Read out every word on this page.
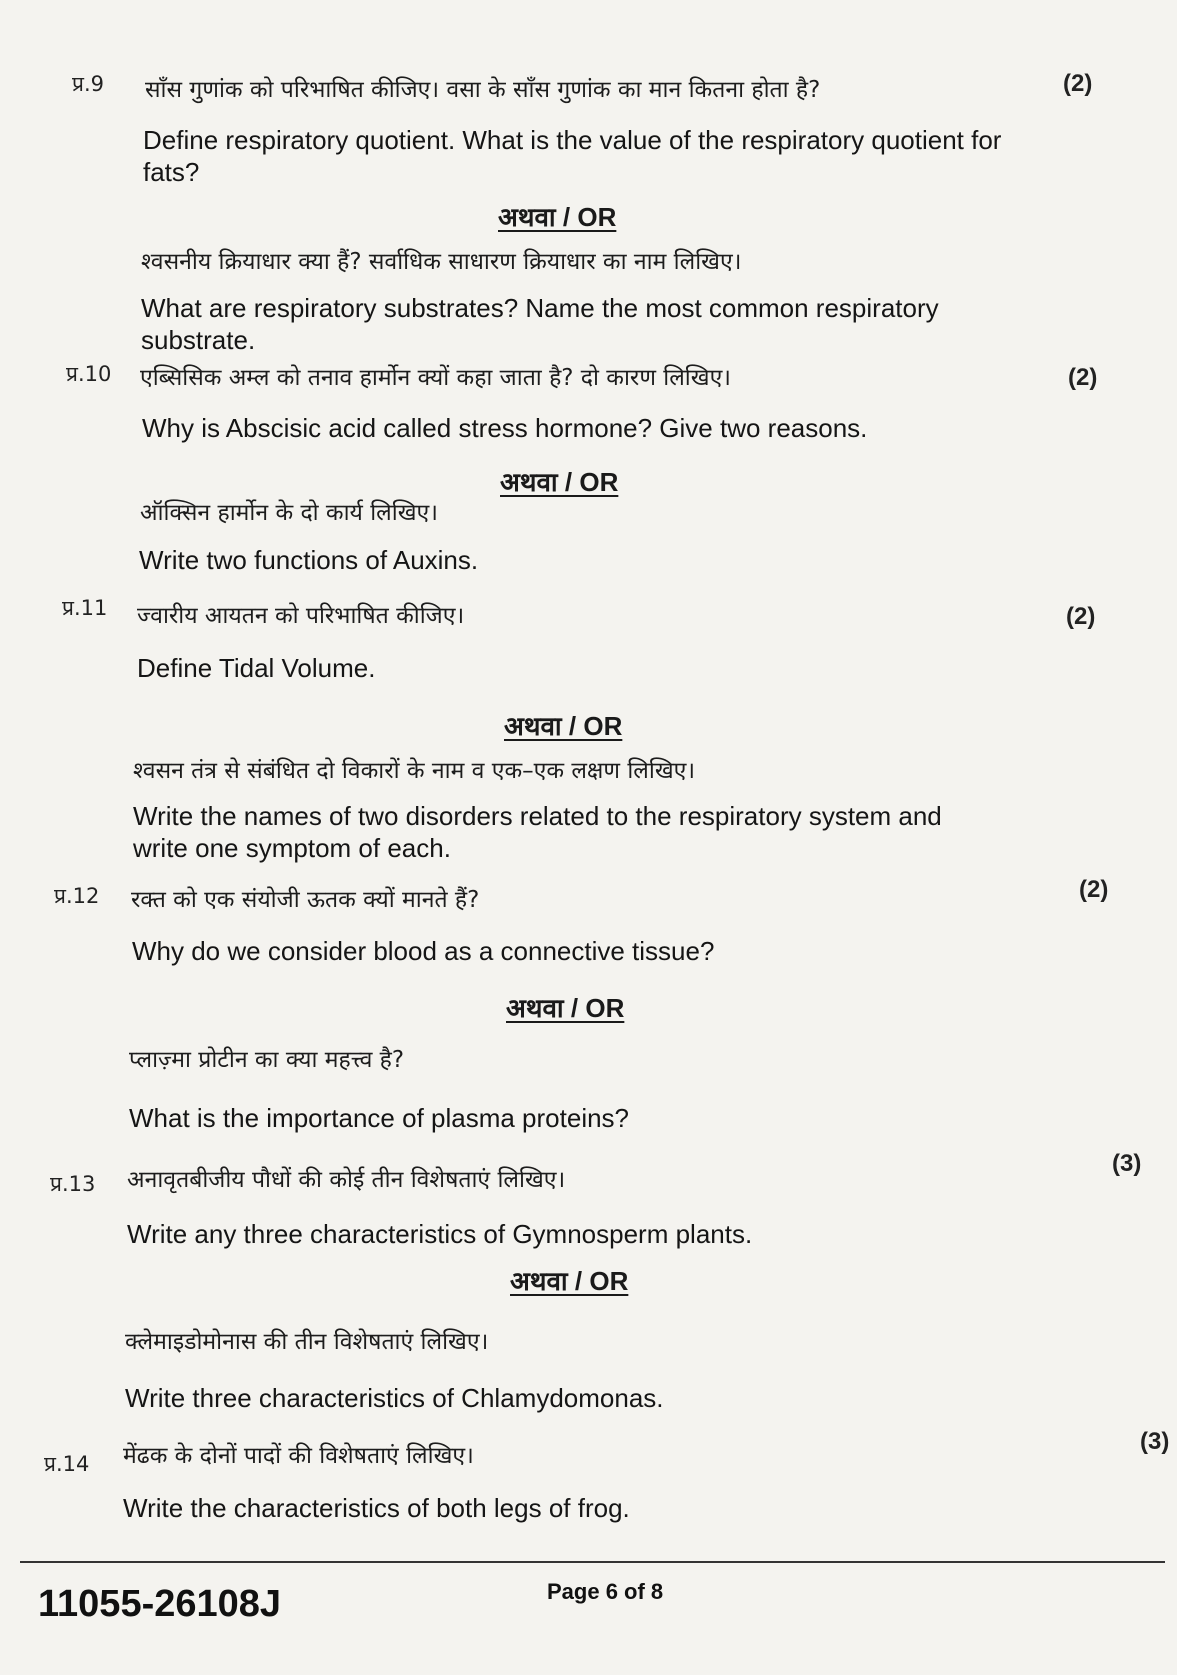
प्र.9 साँस गुणांक को परिभाषित कीजिए। वसा के साँस गुणांक का मान कितना होता है?	(2)
Define respiratory quotient. What is the value of the respiratory quotient for fats?
अथवा / OR
श्वसनीय क्रियाधार क्या हैं? सर्वाधिक साधारण क्रियाधार का नाम लिखिए।
What are respiratory substrates? Name the most common respiratory substrate.
प्र.10 एब्सिसिक अम्ल को तनाव हार्मोन क्यों कहा जाता है? दो कारण लिखिए।	(2)
Why is Abscisic acid called stress hormone? Give two reasons.
अथवा / OR
ऑक्सिन हार्मोन के दो कार्य लिखिए।
Write two functions of Auxins.
प्र.11 ज्वारीय आयतन को परिभाषित कीजिए।	(2)
Define Tidal Volume.
अथवा / OR
श्वसन तंत्र से संबंधित दो विकारों के नाम व एक–एक लक्षण लिखिए।
Write the names of two disorders related to the respiratory system and write one symptom of each.
प्र.12 रक्त को एक संयोजी ऊतक क्यों मानते हैं?	(2)
Why do we consider blood as a connective tissue?
अथवा / OR
प्लाज़्मा प्रोटीन का क्या महत्त्व है?
What is the importance of plasma proteins?
प्र.13 अनावृतबीजीय पौधों की कोई तीन विशेषताएं लिखिए।
(3)
Write any three characteristics of Gymnosperm plants.
अथवा / OR
क्लेमाइडोमोनास की तीन विशेषताएं लिखिए।
Write three characteristics of Chlamydomonas.
प्र.14 मेंढक के दोनों पादों की विशेषताएं लिखिए।
(3)
Write the characteristics of both legs of frog.
11055-26108J	Page 6 of 8
